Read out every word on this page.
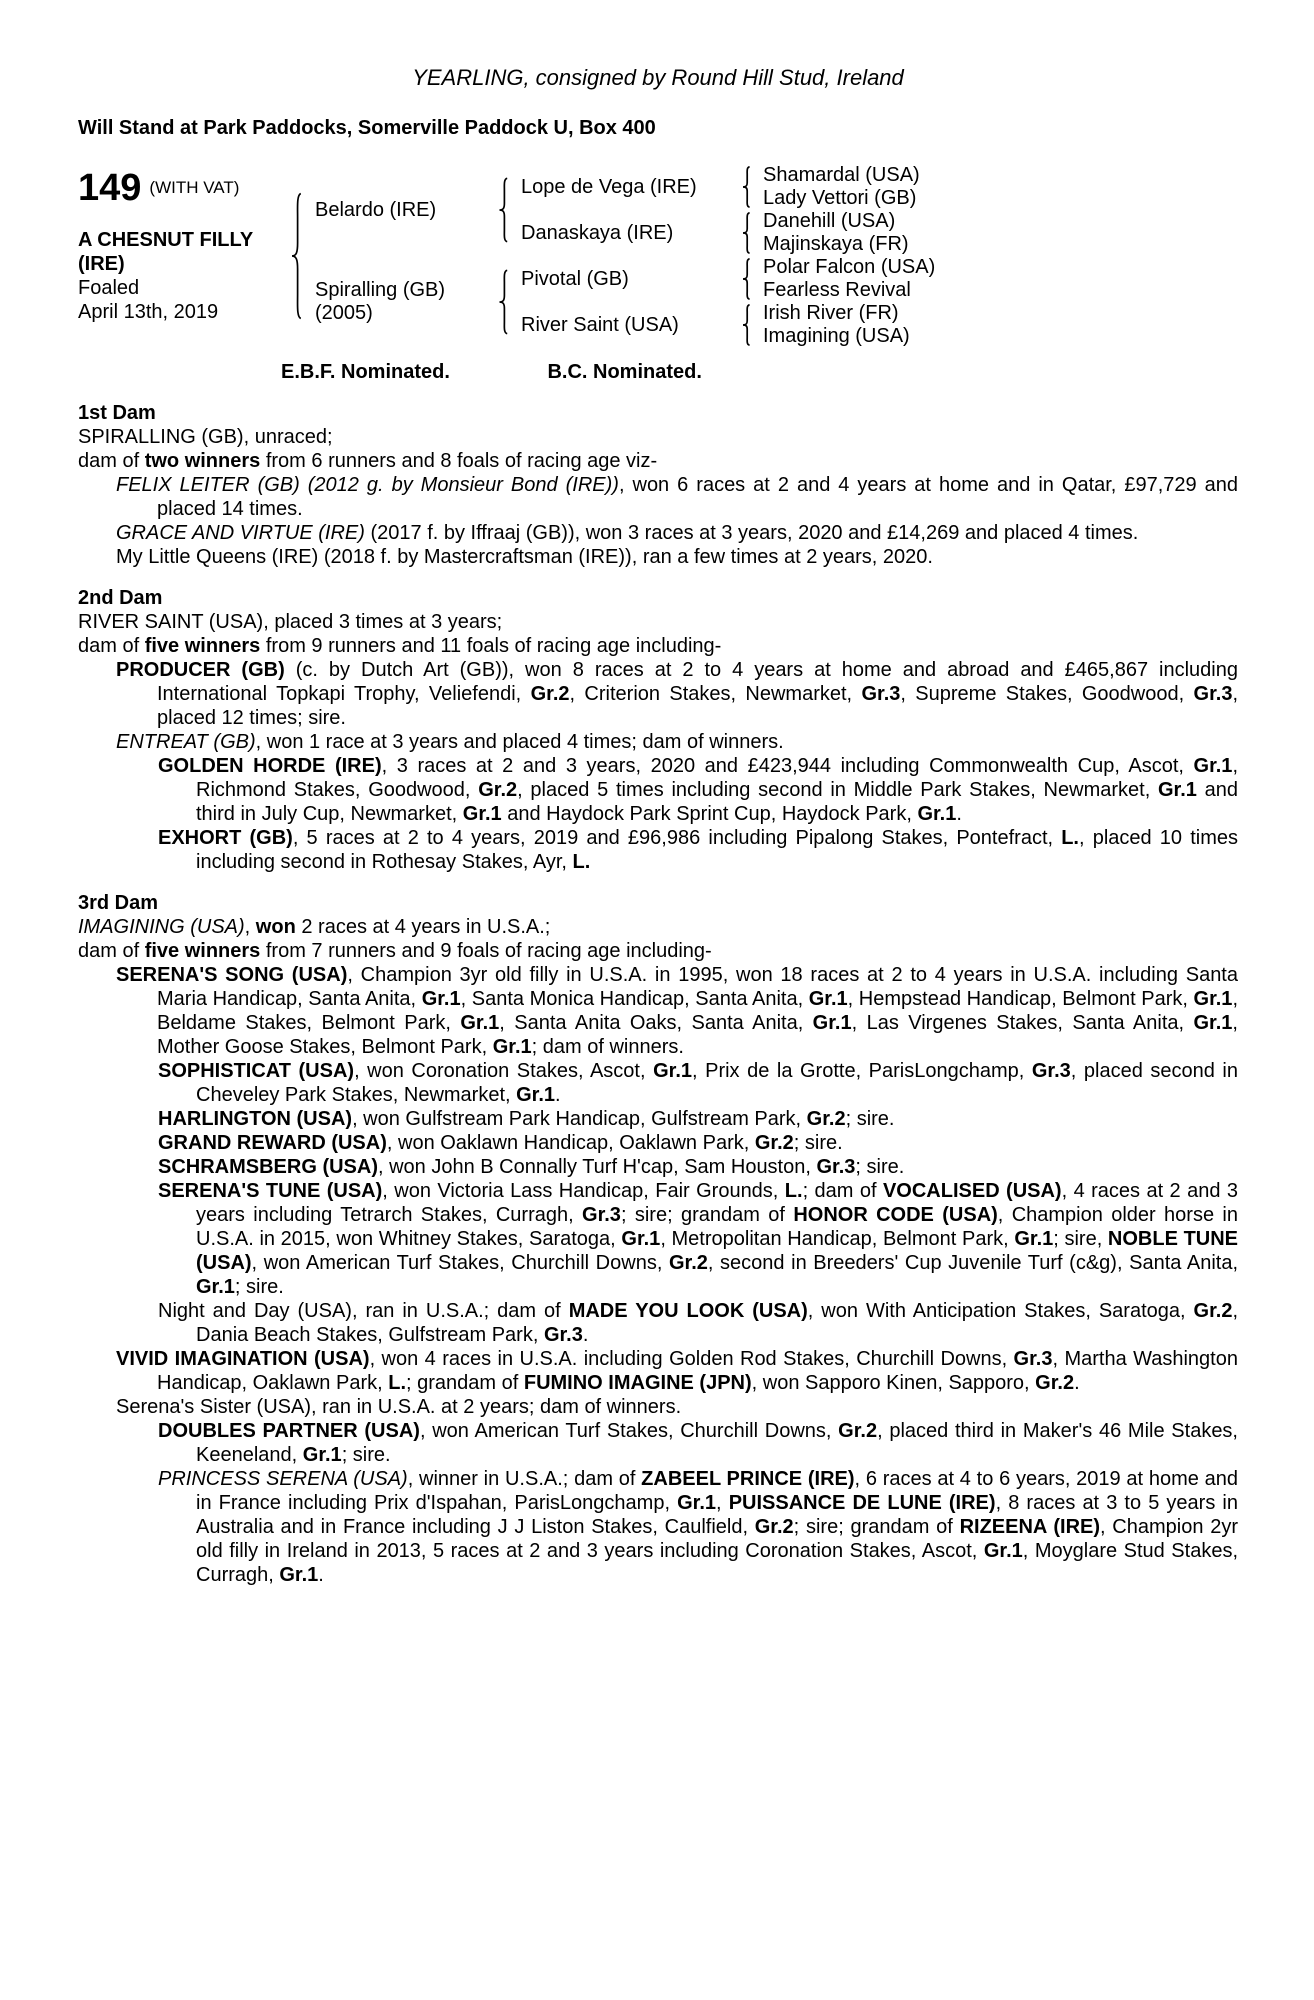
YEARLING, consigned by Round Hill Stud, Ireland
Will Stand at Park Paddocks, Somerville Paddock U, Box 400
149 (WITH VAT)
A CHESNUT FILLY
(IRE)
Foaled
April 13th, 2019
Belardo (IRE)
Spiralling (GB)
(2005)
Lope de Vega (IRE)
Danaskaya (IRE)
Pivotal (GB)
River Saint (USA)
Shamardal (USA)
Lady Vettori (GB)
Danehill (USA)
Majinskaya (FR)
Polar Falcon (USA)
Fearless Revival
Irish River (FR)
Imagining (USA)
E.B.F. Nominated.	B.C. Nominated.
1st Dam

SPIRALLING (GB), unraced;

dam of two winners from 6 runners and 8 foals of racing age viz-

FELIX LEITER (GB) (2012 g. by Monsieur Bond (IRE)), won 6 races at 2 and 4 years at home and in Qatar, £97,729 and placed 14 times.

GRACE AND VIRTUE (IRE) (2017 f. by Iffraaj (GB)), won 3 races at 3 years, 2020 and £14,269 and placed 4 times.

My Little Queens (IRE) (2018 f. by Mastercraftsman (IRE)), ran a few times at 2 years, 2020.

2nd Dam

RIVER SAINT (USA), placed 3 times at 3 years;

dam of five winners from 9 runners and 11 foals of racing age including-

PRODUCER (GB) (c. by Dutch Art (GB)), won 8 races at 2 to 4 years at home and abroad and £465,867 including International Topkapi Trophy, Veliefendi, Gr.2, Criterion Stakes, Newmarket, Gr.3, Supreme Stakes, Goodwood, Gr.3, placed 12 times; sire.

ENTREAT (GB), won 1 race at 3 years and placed 4 times; dam of winners.

GOLDEN HORDE (IRE), 3 races at 2 and 3 years, 2020 and £423,944 including Commonwealth Cup, Ascot, Gr.1, Richmond Stakes, Goodwood, Gr.2, placed 5 times including second in Middle Park Stakes, Newmarket, Gr.1 and third in July Cup, Newmarket, Gr.1 and Haydock Park Sprint Cup, Haydock Park, Gr.1.

EXHORT (GB), 5 races at 2 to 4 years, 2019 and £96,986 including Pipalong Stakes, Pontefract, L., placed 10 times including second in Rothesay Stakes, Ayr, L.

3rd Dam

IMAGINING (USA), won 2 races at 4 years in U.S.A.;

dam of five winners from 7 runners and 9 foals of racing age including-

SERENA'S SONG (USA), Champion 3yr old filly in U.S.A. in 1995, won 18 races at 2 to 4 years in U.S.A. including Santa Maria Handicap, Santa Anita, Gr.1, Santa Monica Handicap, Santa Anita, Gr.1, Hempstead Handicap, Belmont Park, Gr.1, Beldame Stakes, Belmont Park, Gr.1, Santa Anita Oaks, Santa Anita, Gr.1, Las Virgenes Stakes, Santa Anita, Gr.1, Mother Goose Stakes, Belmont Park, Gr.1; dam of winners.

SOPHISTICAT (USA), won Coronation Stakes, Ascot, Gr.1, Prix de la Grotte, ParisLongchamp, Gr.3, placed second in Cheveley Park Stakes, Newmarket, Gr.1.

HARLINGTON (USA), won Gulfstream Park Handicap, Gulfstream Park, Gr.2; sire.

GRAND REWARD (USA), won Oaklawn Handicap, Oaklawn Park, Gr.2; sire.

SCHRAMSBERG (USA), won John B Connally Turf H'cap, Sam Houston, Gr.3; sire.

SERENA'S TUNE (USA), won Victoria Lass Handicap, Fair Grounds, L.; dam of VOCALISED (USA), 4 races at 2 and 3 years including Tetrarch Stakes, Curragh, Gr.3; sire; grandam of HONOR CODE (USA), Champion older horse in U.S.A. in 2015, won Whitney Stakes, Saratoga, Gr.1, Metropolitan Handicap, Belmont Park, Gr.1; sire, NOBLE TUNE (USA), won American Turf Stakes, Churchill Downs, Gr.2, second in Breeders' Cup Juvenile Turf (c&g), Santa Anita, Gr.1; sire.

Night and Day (USA), ran in U.S.A.; dam of MADE YOU LOOK (USA), won With Anticipation Stakes, Saratoga, Gr.2, Dania Beach Stakes, Gulfstream Park, Gr.3.

VIVID IMAGINATION (USA), won 4 races in U.S.A. including Golden Rod Stakes, Churchill Downs, Gr.3, Martha Washington Handicap, Oaklawn Park, L.; grandam of FUMINO IMAGINE (JPN), won Sapporo Kinen, Sapporo, Gr.2.

Serena's Sister (USA), ran in U.S.A. at 2 years; dam of winners.

DOUBLES PARTNER (USA), won American Turf Stakes, Churchill Downs, Gr.2, placed third in Maker's 46 Mile Stakes, Keeneland, Gr.1; sire.

PRINCESS SERENA (USA), winner in U.S.A.; dam of ZABEEL PRINCE (IRE), 6 races at 4 to 6 years, 2019 at home and in France including Prix d'Ispahan, ParisLongchamp, Gr.1, PUISSANCE DE LUNE (IRE), 8 races at 3 to 5 years in Australia and in France including J J Liston Stakes, Caulfield, Gr.2; sire; grandam of RIZEENA (IRE), Champion 2yr old filly in Ireland in 2013, 5 races at 2 and 3 years including Coronation Stakes, Ascot, Gr.1, Moyglare Stud Stakes, Curragh, Gr.1.
